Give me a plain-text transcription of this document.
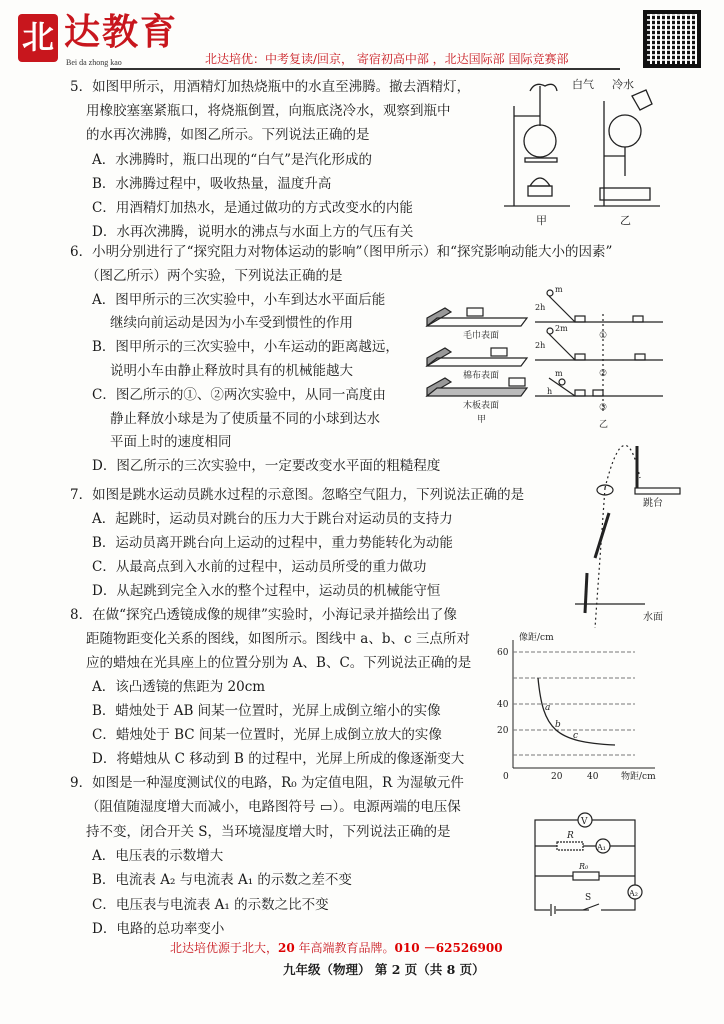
北 达教育
Bei da zhong kao	北达培优：中考复读/回京， 寄宿初高中部 ，北达国际部 国际竞赛部
5．如图甲所示，用酒精灯加热烧瓶中的水直至沸腾。撤去酒精灯，
用橡胶塞塞紧瓶口，将烧瓶倒置，向瓶底浇冷水，观察到瓶中
的水再次沸腾，如图乙所示。下列说法正确的是
A．水沸腾时，瓶口出现的“白气”是汽化形成的
B．水沸腾过程中，吸收热量，温度升高
C．用酒精灯加热水，是通过做功的方式改变水的内能
D．水再次沸腾，说明水的沸点与水面上方的气压有关
6．小明分别进行了“探究阻力对物体运动的影响”（图甲所示）和“探究影响动能大小的因素”
（图乙所示）两个实验，下列说法正确的是
A．图甲所示的三次实验中，小车到达水平面后能
继续向前运动是因为小车受到惯性的作用
B．图甲所示的三次实验中，小车运动的距离越远，
说明小车由静止释放时具有的机械能越大
C．图乙所示的①、②两次实验中，从同一高度由
静止释放小球是为了使质量不同的小球到达水
平面上时的速度相同
D．图乙所示的三次实验中，一定要改变水平面的粗糙程度
7．如图是跳水运动员跳水过程的示意图。忽略空气阻力，下列说法正确的是
A．起跳时，运动员对跳台的压力大于跳台对运动员的支持力
B．运动员离开跳台向上运动的过程中，重力势能转化为动能
C．从最高点到入水前的过程中，运动员所受的重力做功
D．从起跳到完全入水的整个过程中，运动员的机械能守恒
8．在做“探究凸透镜成像的规律”实验时，小海记录并描绘出了像
距随物距变化关系的图线，如图所示。图线中 a、b、c 三点所对
应的蜡烛在光具座上的位置分别为 A、B、C。下列说法正确的是
A．该凸透镜的焦距为 20cm
B．蜡烛处于 AB 间某一位置时，光屏上成倒立缩小的实像
C．蜡烛处于 BC 间某一位置时，光屏上成倒立放大的实像
D．将蜡烛从 C 移动到 B 的过程中，光屏上所成的像逐渐变大
9．如图是一种湿度测试仪的电路，R₀ 为定值电阻，R 为湿敏元件
（阻值随湿度增大而减小，电路图符号 ▭）。电源两端的电压保
持不变，闭合开关 S，当环境湿度增大时，下列说法正确的是
A．电压表的示数增大
B．电流表 A₂ 与电流表 A₁ 的示数之差不变
C．电压表与电流表 A₁ 的示数之比不变
D．电路的总功率变小
白气 冷水
甲	乙
毛巾表面
棉布表面
木板表面
甲
m
2h
2m
2h
m
h
①
②
③
乙
跳台
水面
像距/cm
60
40
20
0	20	40	物距/cm
a
b
c
V
R
A₁
R₀
A₂
S
北达培优源于北大，20 年高端教育品牌。010 －62526900
九年级（物理） 第 2 页（共 8 页）
